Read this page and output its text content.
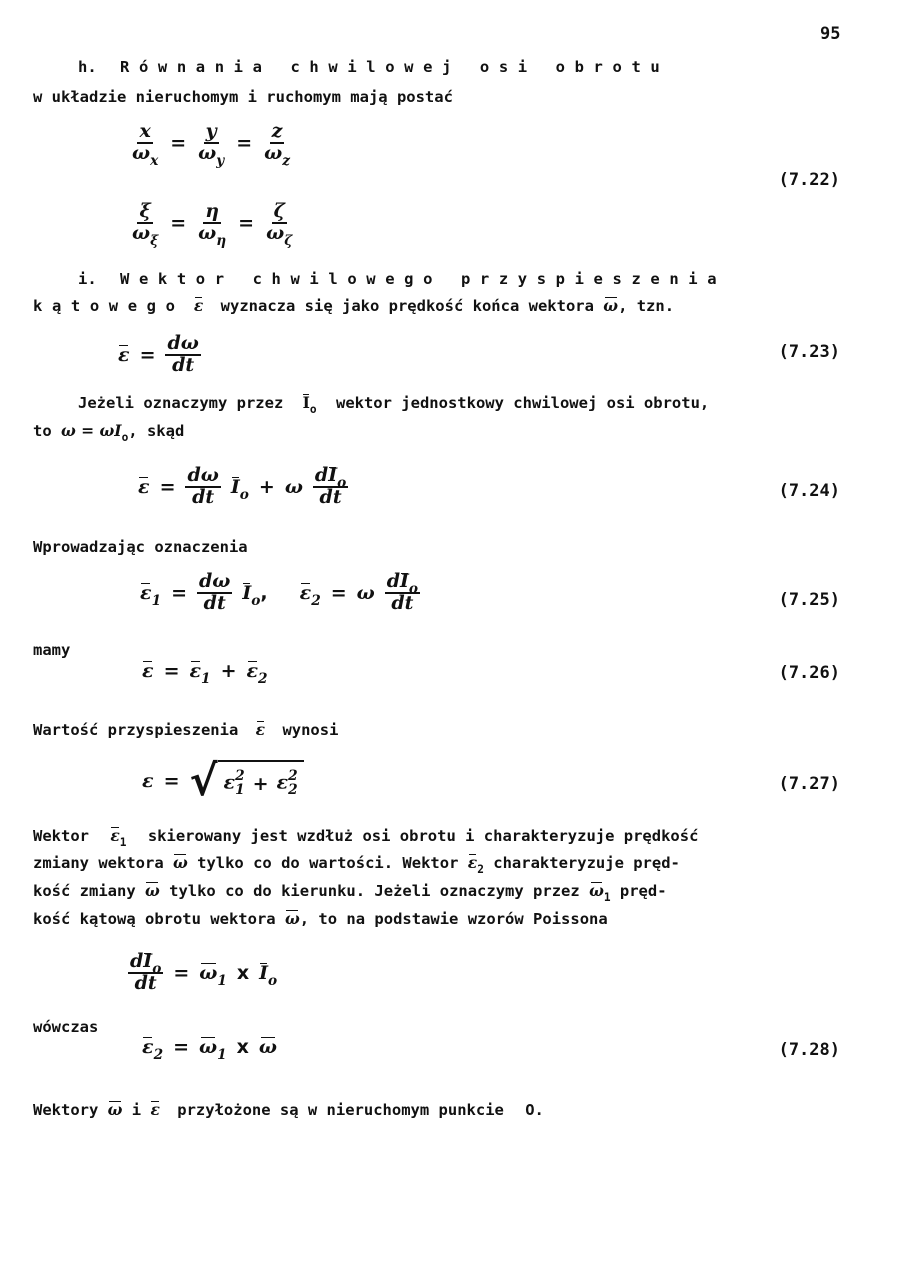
95
h. Równania chwilowej osi obrotu
w układzie nieruchomym i ruchomym mają postać
$\frac{x}{\omega_x} = \frac{y}{\omega_y} = \frac{z}{\omega_z}$
(7.22)
$\frac{\xi}{\omega_\xi} = \frac{\eta}{\omega_\eta} = \frac{\zeta}{\omega_\zeta}$
i. Wektor chwilowego przyspieszenia
kątowego ε wyznacza się jako prędkość końca wektora ω, tzn.
$\varepsilon = \frac{d\omega}{dt}$	(7.23)
Jeżeli oznaczymy przez $I_o$ wektor jednostkowy chwilowej osi obrotu,
to $\omega = \omega I_o$, skąd
$\varepsilon = \frac{d\omega}{dt} I_o + \omega \frac{dI_o}{dt}$	(7.24)
Wprowadzając oznaczenia
$\varepsilon_1 = \frac{d\omega}{dt} I_o$, $\varepsilon_2 = \omega \frac{dI_o}{dt}$	(7.25)
mamy
$\varepsilon = \varepsilon_1 + \varepsilon_2$	(7.26)
Wartość przyspieszenia ε wynosi
ε = √ ε 2
1 + ε 2
2	(7.27)
Wektor $\varepsilon_1$ skierowany jest wzdłuż osi obrotu i charakteryzuje prędkość
zmiany wektora ω tylko co do wartości. Wektor $\varepsilon_2$ charakteryzuje pręd-
kość zmiany ω tylko co do kierunku. Jeżeli oznaczymy przez $\omega_1$ pręd-
kość kątową obrotu wektora ω, to na podstawie wzorów Poissona
$\frac{dI_o}{dt} = \omega_1$ x $I_o$
wówczas
$\varepsilon_2 = \omega_1$ x ω	(7.28)
Wektory ω i ε przyłożone są w nieruchomym punkcie O.
